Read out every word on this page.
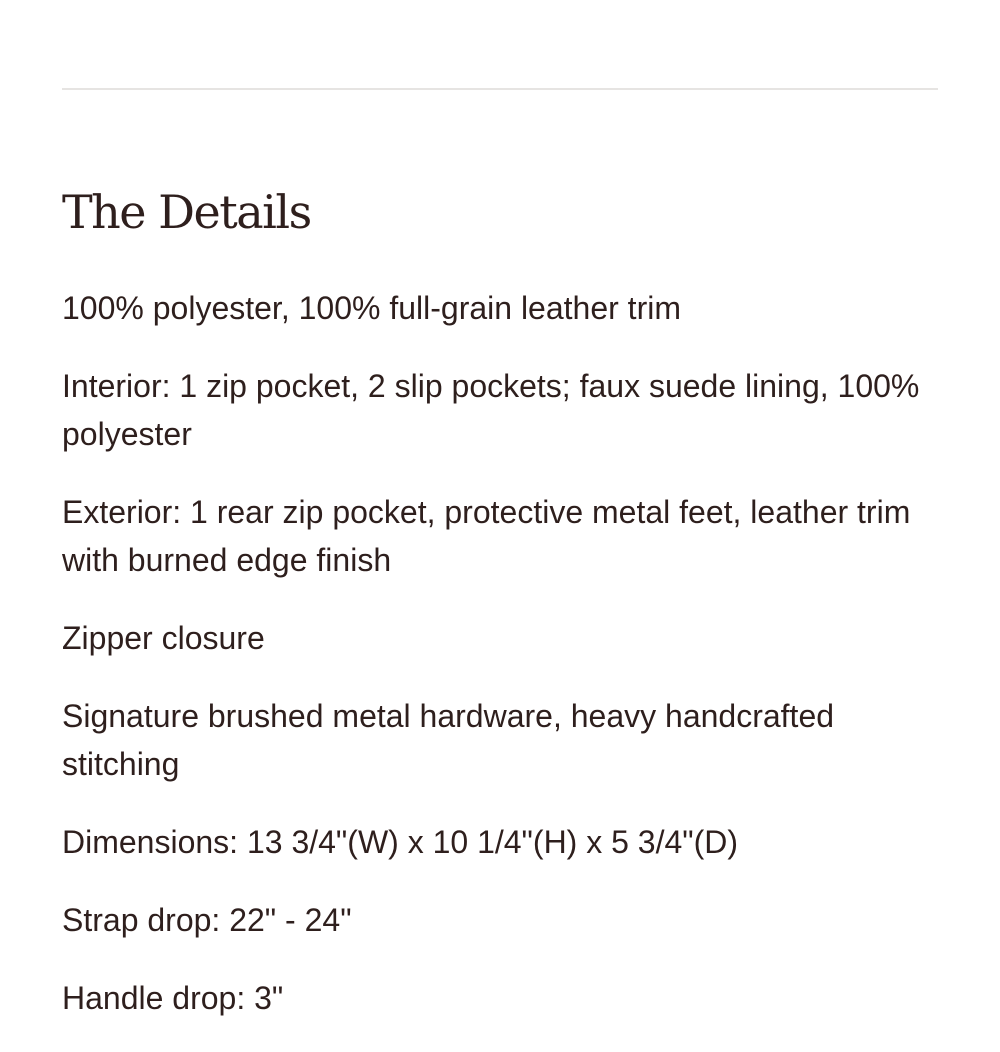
The Details
100% polyester, 100% full-grain leather trim
Interior: 1 zip pocket, 2 slip pockets; faux suede lining, 100% polyester
Exterior: 1 rear zip pocket, protective metal feet, leather trim with burned edge finish
Zipper closure
Signature brushed metal hardware, heavy handcrafted stitching
Dimensions: 13 3/4"(W) x 10 1/4"(H) x 5 3/4"(D)
Strap drop: 22" - 24"
Handle drop: 3"
